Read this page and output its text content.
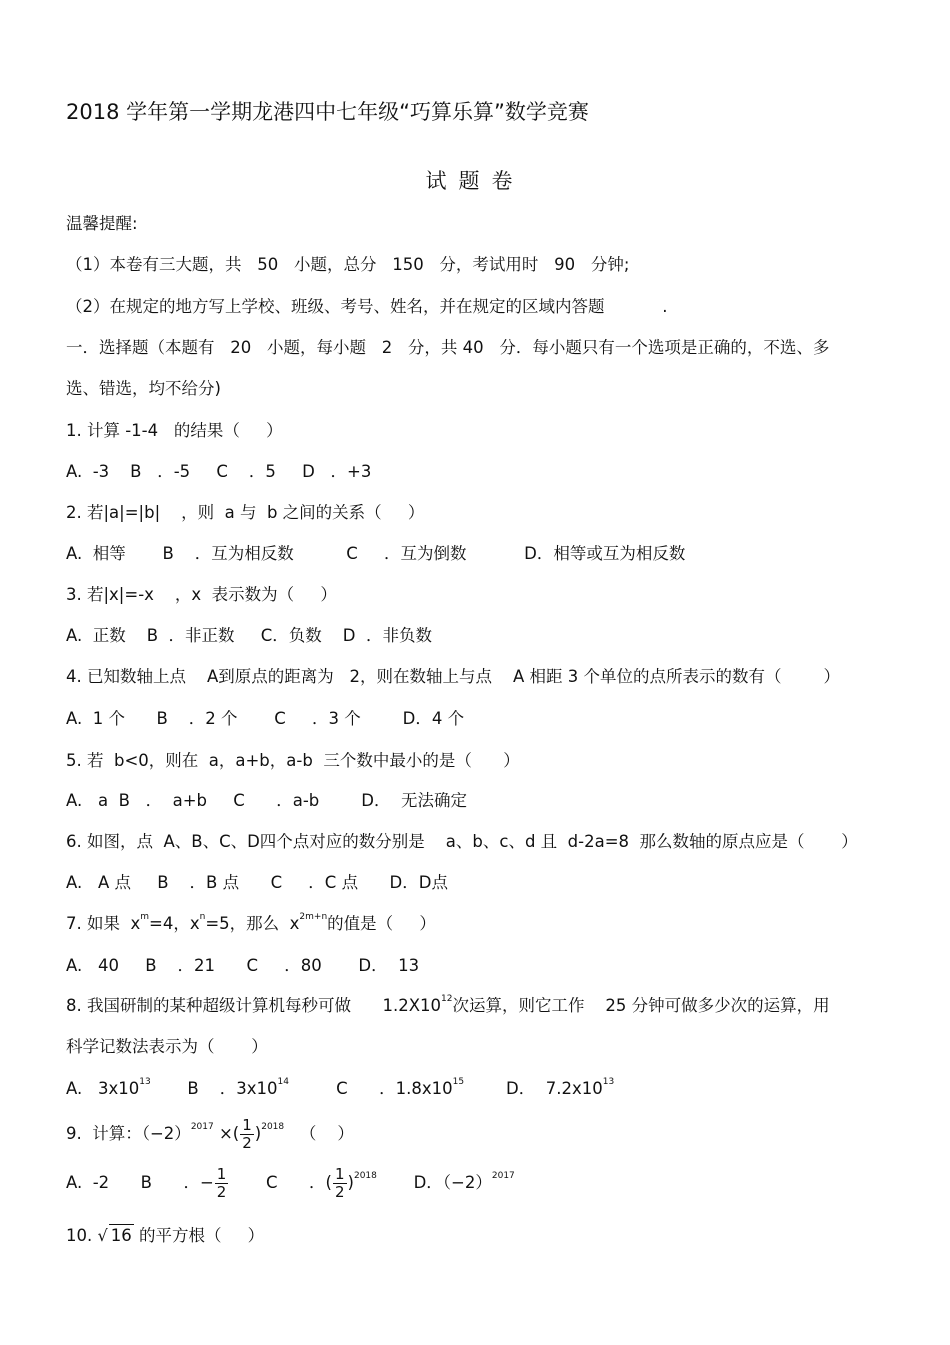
2018 学年第一学期龙港四中七年级“巧算乐算”数学竞赛
试题卷
温馨提醒:
（1）本卷有三大题，共   50   小题，总分   150   分，考试用时   90   分钟;
（2）在规定的地方写上学校、班级、考号、姓名，并在规定的区域内答题           .
一．选择题（本题有   20   小题，每小题   2   分，共 40   分．每小题只有一个选项是正确的，不选、多
选、错选，均不给分)
1. 计算 -1-4   的结果（     ）
A.  -3    B   ．-5     C    ．5     D   ．+3
2. 若|a|=|b|    ，则  a 与  b 之间的关系（     ）
A.  相等       B    ．互为相反数          C     ．互为倒数           D．相等或互为相反数
3. 若|x|=-x    ，x  表示数为（     ）
A.  正数    B  ．非正数     C．负数    D  ．非负数
4. 已知数轴上点    A到原点的距离为   2，则在数轴上与点    A 相距 3 个单位的点所表示的数有（        ）
A.  1 个      B    ．2 个       C     ．3 个        D．4 个
5. 若  b<0，则在  a，a+b，a-b  三个数中最小的是（      ）
A.   a  B   ．  a+b     C      ．a-b        D．  无法确定
6. 如图，点  A、B、C、D四个点对应的数分别是    a、b、c、d 且  d-2a=8  那么数轴的原点应是（       ）
A.   A 点     B    ．B 点      C     ．C 点      D．D点
7. 如果  $x^m=4$，$x^n=5$，那么  $x^{2m+n}$的值是（     ）
A.   40     B    ．21      C     ．80       D．  13
8. 我国研制的某种超级计算机每秒可做      $1.2X10^{12}$次运算，则它工作    25 分钟可做多少次的运算，用
科学记数法表示为（       ）
A.   $3x10^{13}$       B    ．$3x10^{14}$         C      ．$1.8x10^{15}$        D．  $7.2x10^{13}$
9.  计算：$(-2)^{2017}$ ×( $\frac{1}{2} )^{2018}$   （    ）
A.  -2      B      ．− $\frac{1}{2}$ C      ．( $\frac{1}{2} )^{2018}$       D．$(-2)^{2017}$
10. √ 16 的平方根（     ）
